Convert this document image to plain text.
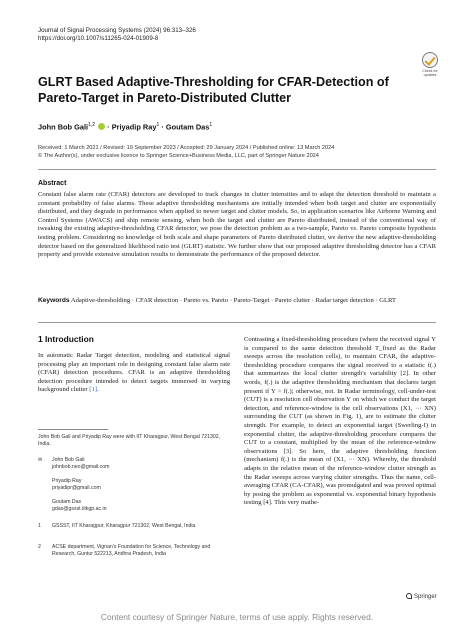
Journal of Signal Processing Systems (2024) 96:313–326
https://doi.org/10.1007/s11265-024-01909-8
Check for updates
GLRT Based Adaptive-Thresholding for CFAR-Detection of Pareto-Target in Pareto-Distributed Clutter
John Bob Gali$^{1,2}$ · Priyadip Ray$^1$ · Goutam Das$^1$
Received: 1 March 2021 / Revised: 19 September 2023 / Accepted: 29 January 2024 / Published online: 13 March 2024
© The Author(s), under exclusive licence to Springer Science+Business Media, LLC, part of Springer Nature 2024
Abstract
Constant false alarm rate (CFAR) detectors are developed to track changes in clutter intensities and to adapt the detection threshold to maintain a constant probability of false alarms. These adaptive thresholding mechanisms are initially intended when both target and clutter are exponentially distributed, and they degrade in performance when applied to newer target and clutter models. So, in application scenarios like Airborne Warning and Control Systems (AWACS) and ship remote sensing, when both the target and clutter are Pareto distributed, instead of the conventional way of tweaking the existing adaptive-thresholding CFAR detector, we pose the detection problem as a two-sample, Pareto vs. Pareto composite hypothesis testing problem. Considering no knowledge of both scale and shape parameters of Pareto distributed clutter, we derive the new adaptive-thresholding detector based on the generalized likelihood ratio test (GLRT) statistic. We further show that our proposed adaptive thresholding detector has a CFAR property and provide extensive simulation results to demonstrate the performance of the proposed detector.
Keywords Adaptive-thresholding · CFAR detection · Pareto vs. Pareto · Pareto-Target · Pareto clutter · Radar target detection · GLRT
1 Introduction
In automatic Radar Target detection, modeling and statistical signal processing play an important role in designing constant false alarm rate (CFAR) detection procedures. CFAR is an adaptive thresholding detection procedure intended to detect targets immersed in varying background clutter [1].
John Bob Gali and Priyadip Ray were with IIT Kharagpur, West Bengal 721302, India.
✉	John Bob Gali
johnbob.neo@gmail.com
Priyadip Ray
priyadipr@gmail.com
Goutam Das
gdas@gssst.iitkgp.ac.in
1	GSSST, IIT Kharagpur, Kharagpur 721302, West Bengal, India
2	ACSE department, Vignan's Foundation for Science, Technology and Research, Guntur 522213, Andhra Pradesh, India
Contrasting a fixed-thresholding procedure (where the received signal Y is compared to the same detection threshold T_fixed as the Radar sweeps across the resolution cells), to maintain CFAR, the adaptive-thresholding procedure compares the signal received to a statistic f(.) that summarizes the local clutter strength's variability [2]. In other words, f(.) is the adaptive thresholding mechanism that declares target present if Y > f(.); otherwise, not. In Radar terminology, cell-under-test (CUT) is a resolution cell observation Y on which we conduct the target detection, and reference-window is the cell observations (X1, ··· XN) surrounding the CUT (as shown in Fig. 1), are to estimate the clutter strength. For example, to detect an exponential target (Swerling-I) in exponential clutter, the adaptive-thresholding procedure compares the CUT to a constant, multiplied by the mean of the reference-window observations [3]. So here, the adaptive thresholding function (mechanism) f(.) is the mean of (X1, ··· XN). Whereby, the threshold adapts to the relative mean of the reference-window clutter strength as the Radar sweeps across varying clutter strengths. Thus the name, cell-averaging CFAR (CA-CFAR), was promulgated and was proved optimal by posing the problem as exponential vs. exponential binary hypothesis testing [4]. This very mathe-
Springer
Content courtesy of Springer Nature, terms of use apply. Rights reserved.
